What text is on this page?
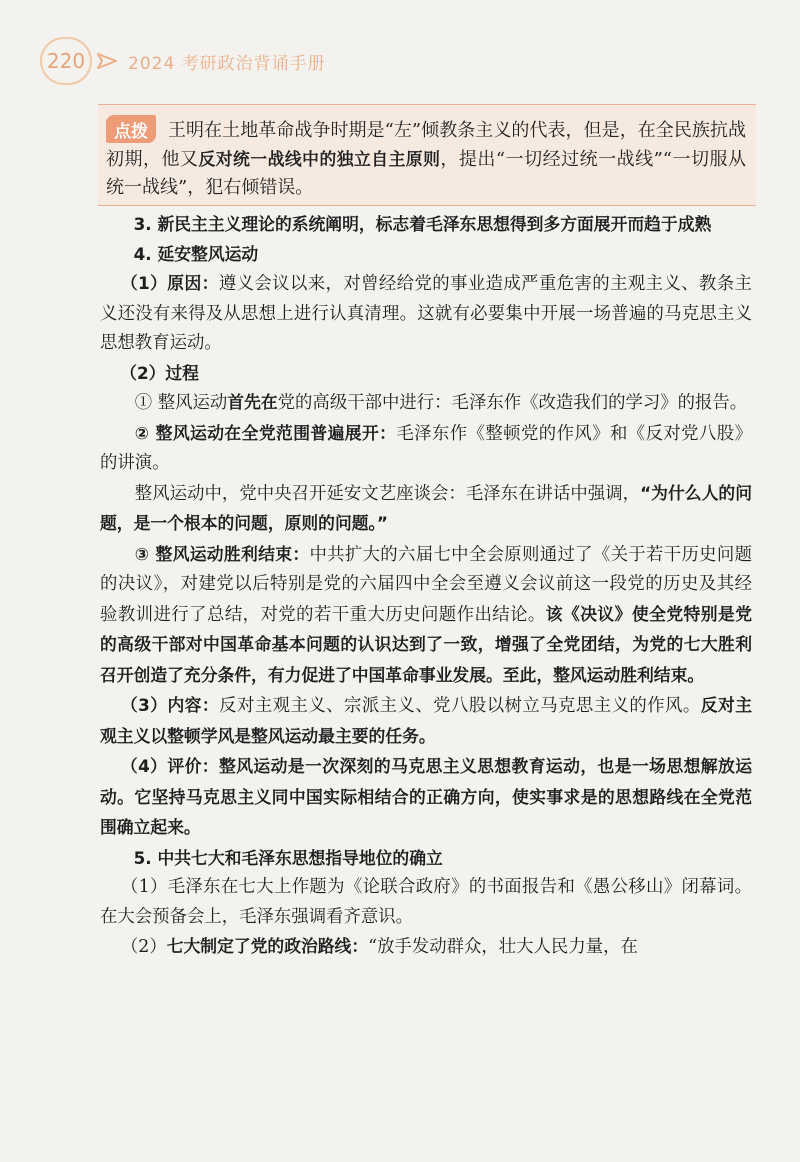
220	2024 考研政治背诵手册
王明在土地革命战争时期是“左”倾教条主义的代表，但是，在全民族抗战初期，他又反对统一战线中的独立自主原则，提出“一切经过统一战线”“一切服从统一战线”，犯右倾错误。
点拨

3. 新民主主义理论的系统阐明，标志着毛泽东思想得到多方面展开而趋于成熟

4. 延安整风运动

（1）原因：遵义会议以来，对曾经给党的事业造成严重危害的主观主义、教条主义还没有来得及从思想上进行认真清理。这就有必要集中开展一场普遍的马克思主义思想教育运动。

（2）过程

① 整风运动首先在党的高级干部中进行：毛泽东作《改造我们的学习》的报告。

② 整风运动在全党范围普遍展开：毛泽东作《整顿党的作风》和《反对党八股》的讲演。

整风运动中，党中央召开延安文艺座谈会：毛泽东在讲话中强调，“为什么人的问题，是一个根本的问题，原则的问题。”

③ 整风运动胜利结束：中共扩大的六届七中全会原则通过了《关于若干历史问题的决议》，对建党以后特别是党的六届四中全会至遵义会议前这一段党的历史及其经验教训进行了总结，对党的若干重大历史问题作出结论。该《决议》使全党特别是党的高级干部对中国革命基本问题的认识达到了一致，增强了全党团结，为党的七大胜利召开创造了充分条件，有力促进了中国革命事业发展。至此，整风运动胜利结束。

（3）内容：反对主观主义、宗派主义、党八股以树立马克思主义的作风。反对主观主义以整顿学风是整风运动最主要的任务。

（4）评价：整风运动是一次深刻的马克思主义思想教育运动，也是一场思想解放运动。它坚持马克思主义同中国实际相结合的正确方向，使实事求是的思想路线在全党范围确立起来。

5. 中共七大和毛泽东思想指导地位的确立

（1）毛泽东在七大上作题为《论联合政府》的书面报告和《愚公移山》闭幕词。在大会预备会上，毛泽东强调看齐意识。

（2）七大制定了党的政治路线：“放手发动群众，壮大人民力量，在
